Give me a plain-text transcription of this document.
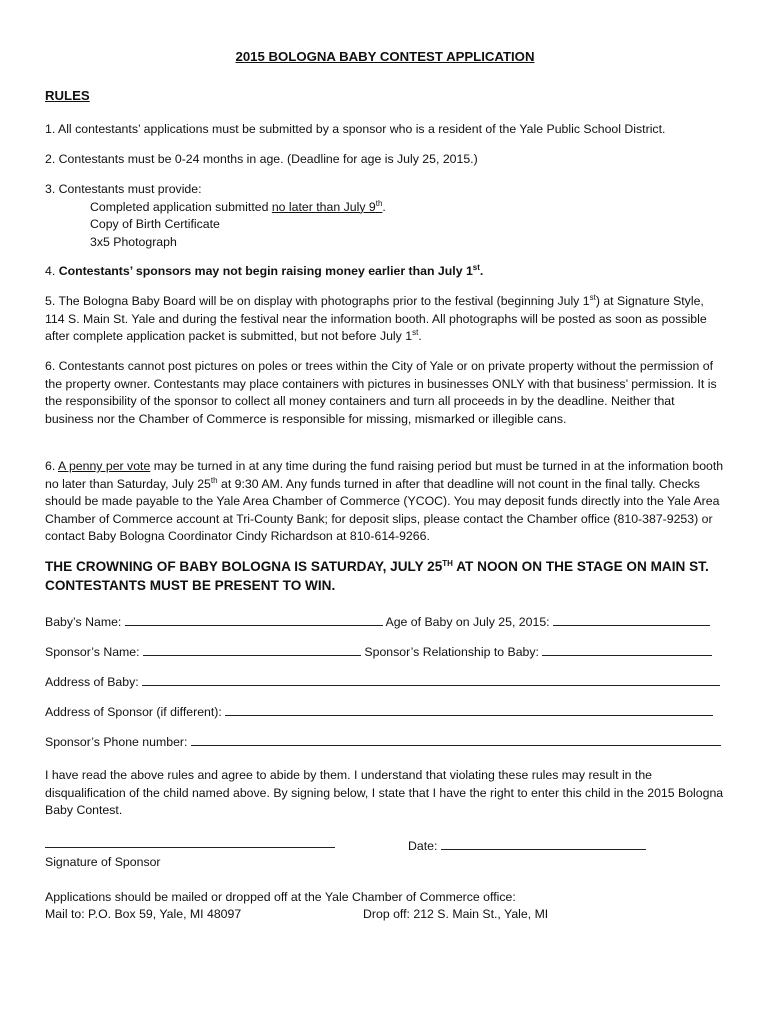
2015 BOLOGNA BABY CONTEST APPLICATION
RULES
1. All contestants’ applications must be submitted by a sponsor who is a resident of the Yale Public School District.
2. Contestants must be 0-24 months in age. (Deadline for age is July 25, 2015.)
3. Contestants must provide:
Completed application submitted no later than July 9th.
Copy of Birth Certificate
3x5 Photograph
4. Contestants’ sponsors may not begin raising money earlier than July 1st.
5. The Bologna Baby Board will be on display with photographs prior to the festival (beginning July 1st) at Signature Style, 114 S. Main St. Yale and during the festival near the information booth. All photographs will be posted as soon as possible after complete application packet is submitted, but not before July 1st.
6. Contestants cannot post pictures on poles or trees within the City of Yale or on private property without the permission of the property owner. Contestants may place containers with pictures in businesses ONLY with that business’ permission. It is the responsibility of the sponsor to collect all money containers and turn all proceeds in by the deadline. Neither that business nor the Chamber of Commerce is responsible for missing, mismarked or illegible cans.
6. A penny per vote may be turned in at any time during the fund raising period but must be turned in at the information booth no later than Saturday, July 25th at 9:30 AM. Any funds turned in after that deadline will not count in the final tally. Checks should be made payable to the Yale Area Chamber of Commerce (YCOC). You may deposit funds directly into the Yale Area Chamber of Commerce account at Tri-County Bank; for deposit slips, please contact the Chamber office (810-387-9253) or contact Baby Bologna Coordinator Cindy Richardson at 810-614-9266.
THE CROWNING OF BABY BOLOGNA IS SATURDAY, JULY 25TH AT NOON ON THE STAGE ON MAIN ST.
CONTESTANTS MUST BE PRESENT TO WIN.
Baby’s Name:	Age of Baby on July 25, 2015:
Sponsor’s Name:	Sponsor’s Relationship to Baby:
Address of Baby:
Address of Sponsor (if different):
Sponsor’s Phone number:
I have read the above rules and agree to abide by them. I understand that violating these rules may result in the disqualification of the child named above. By signing below, I state that I have the right to enter this child in the 2015 Bologna Baby Contest.
Date:
Signature of Sponsor
Applications should be mailed or dropped off at the Yale Chamber of Commerce office:
Mail to: P.O. Box 59, Yale, MI 48097	Drop off: 212 S. Main St., Yale, MI
